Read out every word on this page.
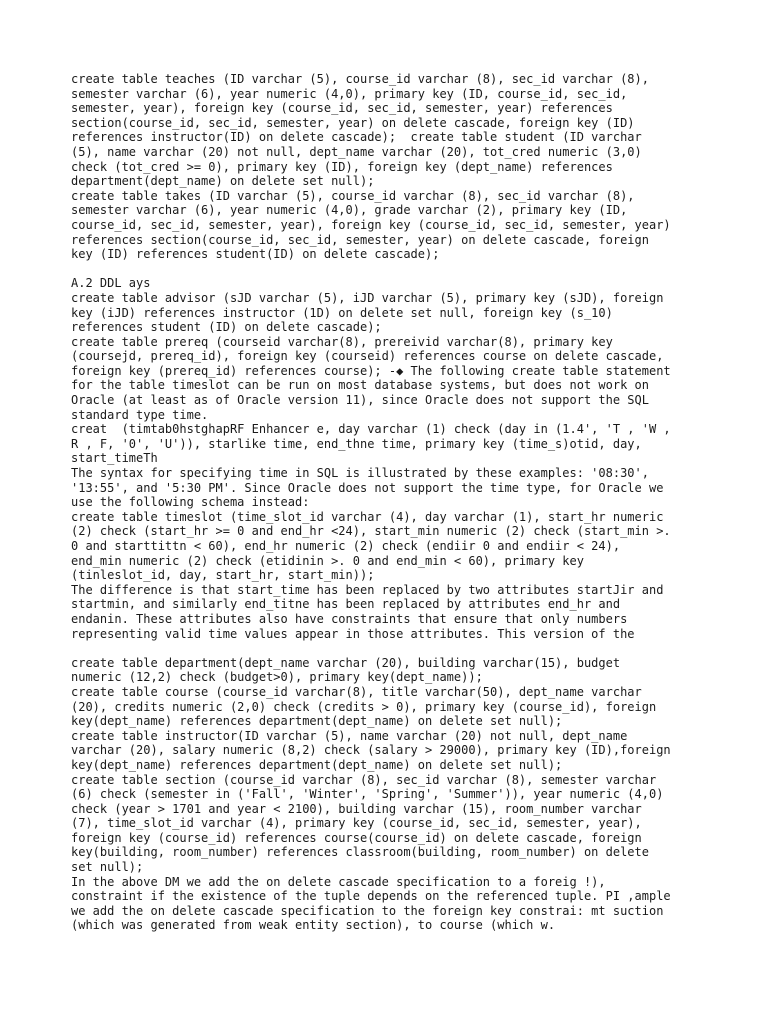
create table teaches (ID varchar (5), course_id varchar (8), sec_id varchar (8),
semester varchar (6), year numeric (4,0), primary key (ID, course_id, sec_id,
semester, year), foreign key (course_id, sec_id, semester, year) references
section(course_id, sec_id, semester, year) on delete cascade, foreign key (ID)
references instructor(ID) on delete cascade);  create table student (ID varchar
(5), name varchar (20) not null, dept_name varchar (20), tot_cred numeric (3,0)
check (tot_cred >= 0), primary key (ID), foreign key (dept_name) references
department(dept_name) on delete set null);
create table takes (ID varchar (5), course_id varchar (8), sec_id varchar (8),
semester varchar (6), year numeric (4,0), grade varchar (2), primary key (ID,
course_id, sec_id, semester, year), foreign key (course_id, sec_id, semester, year)
references section(course_id, sec_id, semester, year) on delete cascade, foreign
key (ID) references student(ID) on delete cascade);
A.2 DDL ays
create table advisor (sJD varchar (5), iJD varchar (5), primary key (sJD), foreign
key (iJD) references instructor (1D) on delete set null, foreign key (s_10)
references student (ID) on delete cascade);
create table prereq (courseid varchar(8), prereivid varchar(8), primary key
(coursejd, prereq_id), foreign key (courseid) references course on delete cascade,
foreign key (prereq_id) references course); -◆ The following create table statement
for the table timeslot can be run on most database systems, but does not work on
Oracle (at least as of Oracle version 11), since Oracle does not support the SQL
standard type time.
creat  (timtab0hstghapRF Enhancer e, day varchar (1) check (day in (1.4', 'T , 'W ,
R , F, '0', 'U')), starlike time, end_thne time, primary key (time_s)otid, day,
start_timeTh
The syntax for specifying time in SQL is illustrated by these examples: '08:30',
'13:55', and '5:30 PM'. Since Oracle does not support the time type, for Oracle we
use the following schema instead:
create table timeslot (time_slot_id varchar (4), day varchar (1), start_hr numeric
(2) check (start_hr >= 0 and end_hr <24), start_min numeric (2) check (start_min >.
0 and starttittn < 60), end_hr numeric (2) check (endiir 0 and endiir < 24),
end_min numeric (2) check (etidinin >. 0 and end_min < 60), primary key
(tinleslot_id, day, start_hr, start_min));
The difference is that start_time has been replaced by two attributes startJir and
startmin, and similarly end_titne has been replaced by attributes end_hr and
endanin. These attributes also have constraints that ensure that only numbers
representing valid time values appear in those attributes. This version of the
create table department(dept_name varchar (20), building varchar(15), budget
numeric (12,2) check (budget>0), primary key(dept_name));
create table course (course_id varchar(8), title varchar(50), dept_name varchar
(20), credits numeric (2,0) check (credits > 0), primary key (course_id), foreign
key(dept_name) references department(dept_name) on delete set null);
create table instructor(ID varchar (5), name varchar (20) not null, dept_name
varchar (20), salary numeric (8,2) check (salary > 29000), primary key (ID),foreign
key(dept_name) references department(dept_name) on delete set null);
create table section (course_id varchar (8), sec_id varchar (8), semester varchar
(6) check (semester in ('Fall', 'Winter', 'Spring', 'Summer')), year numeric (4,0)
check (year > 1701 and year < 2100), building varchar (15), room_number varchar
(7), time_slot_id varchar (4), primary key (course_id, sec_id, semester, year),
foreign key (course_id) references course(course_id) on delete cascade, foreign
key(building, room_number) references classroom(building, room_number) on delete
set null);
In the above DM we add the on delete cascade specification to a foreig !),
constraint if the existence of the tuple depends on the referenced tuple. PI ,ample
we add the on delete cascade specification to the foreign key constrai: mt suction
(which was generated from weak entity section), to course (which w.
